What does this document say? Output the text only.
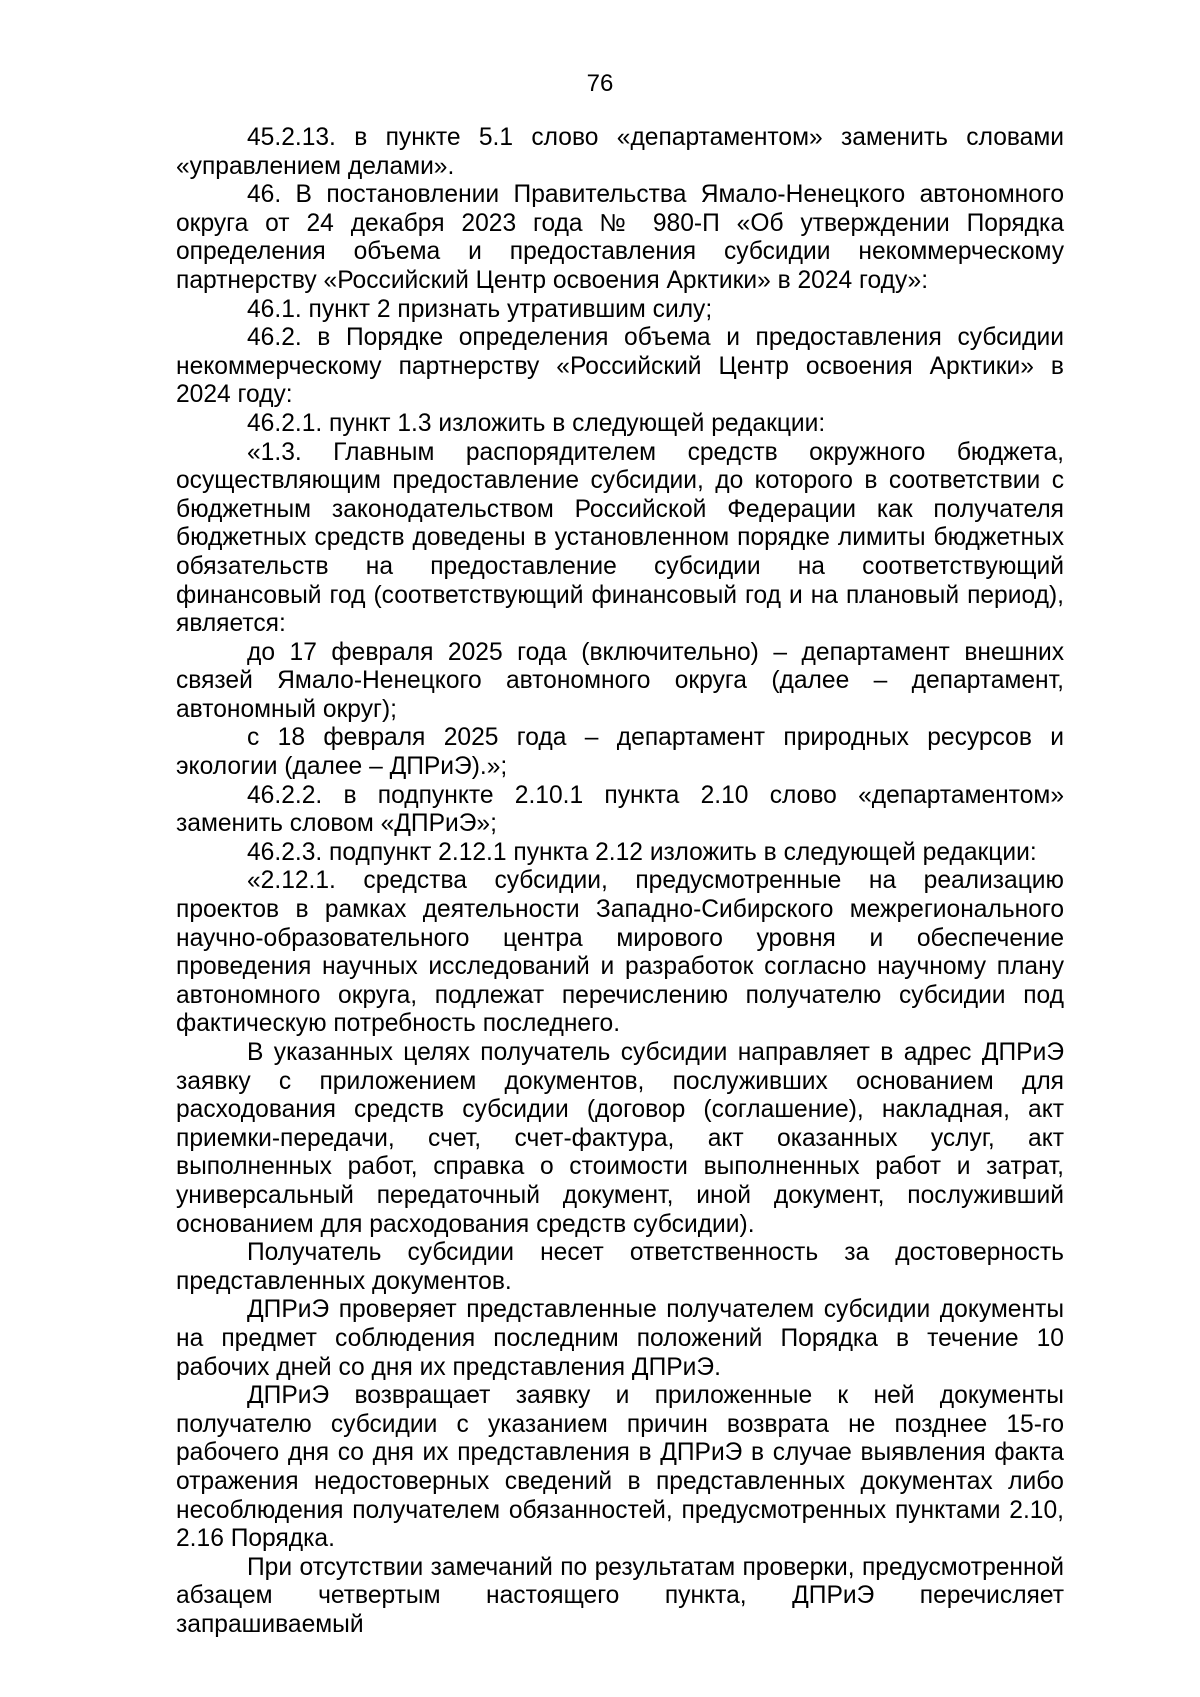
76

45.2.13. в пункте 5.1 слово «департаментом» заменить словами «управлением делами».

46. В постановлении Правительства Ямало-Ненецкого автономного округа от 24 декабря 2023 года № 980-П «Об утверждении Порядка определения объема и предоставления субсидии некоммерческому партнерству «Российский Центр освоения Арктики» в 2024 году»:

46.1. пункт 2 признать утратившим силу;

46.2. в Порядке определения объема и предоставления субсидии некоммерческому партнерству «Российский Центр освоения Арктики» в 2024 году:

46.2.1. пункт 1.3 изложить в следующей редакции:

«1.3. Главным распорядителем средств окружного бюджета, осуществляющим предоставление субсидии, до которого в соответствии с бюджетным законодательством Российской Федерации как получателя бюджетных средств доведены в установленном порядке лимиты бюджетных обязательств на предоставление субсидии на соответствующий финансовый год (соответствующий финансовый год и на плановый период), является:

до 17 февраля 2025 года (включительно) – департамент внешних связей Ямало-Ненецкого автономного округа (далее – департамент, автономный округ);

с 18 февраля 2025 года – департамент природных ресурсов и экологии (далее – ДПРиЭ).»;

46.2.2. в подпункте 2.10.1 пункта 2.10 слово «департаментом» заменить словом «ДПРиЭ»;

46.2.3. подпункт 2.12.1 пункта 2.12 изложить в следующей редакции:

«2.12.1. средства субсидии, предусмотренные на реализацию проектов в рамках деятельности Западно-Сибирского межрегионального научно-образовательного центра мирового уровня и обеспечение проведения научных исследований и разработок согласно научному плану автономного округа, подлежат перечислению получателю субсидии под фактическую потребность последнего.

В указанных целях получатель субсидии направляет в адрес ДПРиЭ заявку с приложением документов, послуживших основанием для расходования средств субсидии (договор (соглашение), накладная, акт приемки-передачи, счет, счет-фактура, акт оказанных услуг, акт выполненных работ, справка о стоимости выполненных работ и затрат, универсальный передаточный документ, иной документ, послуживший основанием для расходования средств субсидии).

Получатель субсидии несет ответственность за достоверность представленных документов.

ДПРиЭ проверяет представленные получателем субсидии документы на предмет соблюдения последним положений Порядка в течение 10 рабочих дней со дня их представления ДПРиЭ.

ДПРиЭ возвращает заявку и приложенные к ней документы получателю субсидии с указанием причин возврата не позднее 15-го рабочего дня со дня их представления в ДПРиЭ в случае выявления факта отражения недостоверных сведений в представленных документах либо несоблюдения получателем обязанностей, предусмотренных пунктами 2.10, 2.16 Порядка.

При отсутствии замечаний по результатам проверки, предусмотренной абзацем четвертым настоящего пункта, ДПРиЭ перечисляет запрашиваемый
